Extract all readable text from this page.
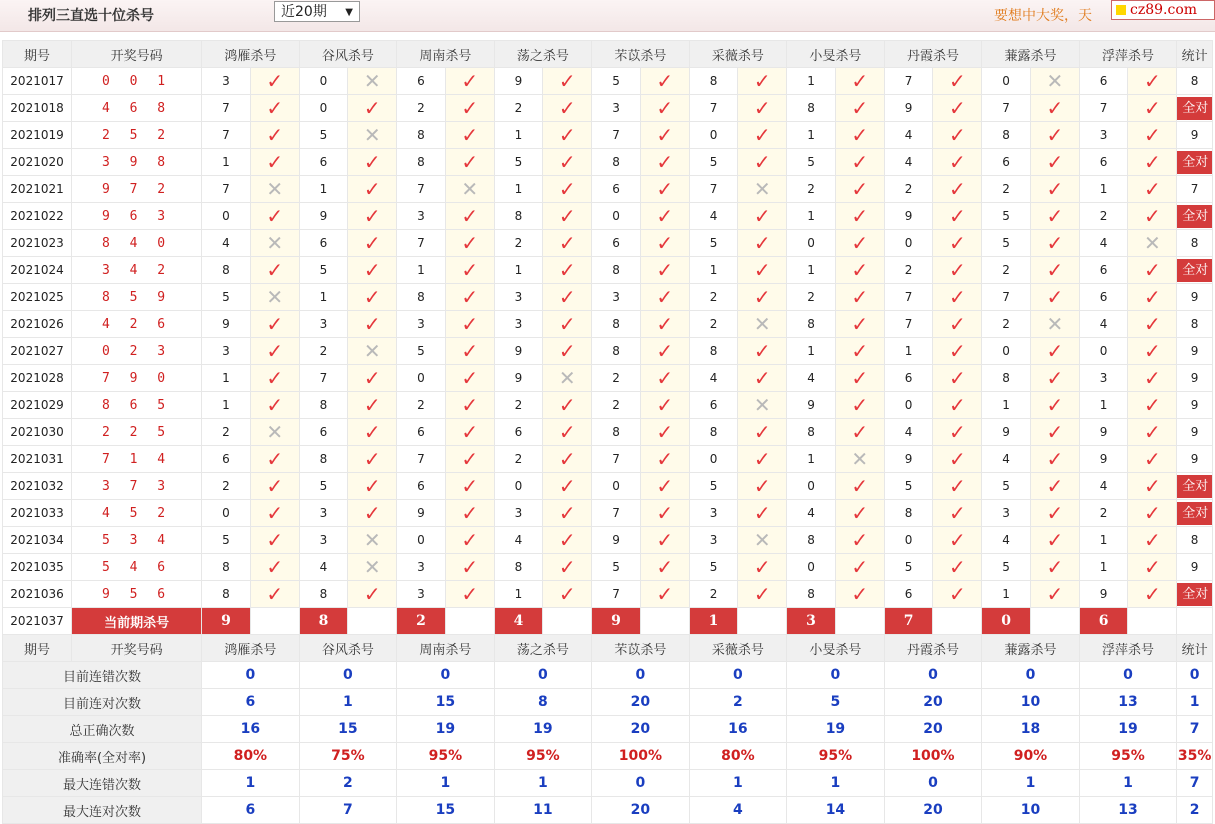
排列三直选十位杀号	近20期 ▼	要想中大奖，天	cz89.com
期号	开奖号码	鸿雁杀号		谷风杀号		周南杀号		荡之杀号		芣苡杀号		采薇杀号		小旻杀号		丹霞杀号		蒹露杀号		浮萍杀号		统计
2021017	0 0 1	3	✓	0	✕	6	✓	9	✓	5	✓	8	✓	1	✓	7	✓	0	✕	6	✓	8
2021018	4 6 8	7	✓	0	✓	2	✓	2	✓	3	✓	7	✓	8	✓	9	✓	7	✓	7	✓	全对
2021019	2 5 2	7	✓	5	✕	8	✓	1	✓	7	✓	0	✓	1	✓	4	✓	8	✓	3	✓	9
2021020	3 9 8	1	✓	6	✓	8	✓	5	✓	8	✓	5	✓	5	✓	4	✓	6	✓	6	✓	全对
2021021	9 7 2	7	✕	1	✓	7	✕	1	✓	6	✓	7	✕	2	✓	2	✓	2	✓	1	✓	7
2021022	9 6 3	0	✓	9	✓	3	✓	8	✓	0	✓	4	✓	1	✓	9	✓	5	✓	2	✓	全对
2021023	8 4 0	4	✕	6	✓	7	✓	2	✓	6	✓	5	✓	0	✓	0	✓	5	✓	4	✕	8
2021024	3 4 2	8	✓	5	✓	1	✓	1	✓	8	✓	1	✓	1	✓	2	✓	2	✓	6	✓	全对
2021025	8 5 9	5	✕	1	✓	8	✓	3	✓	3	✓	2	✓	2	✓	7	✓	7	✓	6	✓	9
2021026	4 2 6	9	✓	3	✓	3	✓	3	✓	8	✓	2	✕	8	✓	7	✓	2	✕	4	✓	8
2021027	0 2 3	3	✓	2	✕	5	✓	9	✓	8	✓	8	✓	1	✓	1	✓	0	✓	0	✓	9
2021028	7 9 0	1	✓	7	✓	0	✓	9	✕	2	✓	4	✓	4	✓	6	✓	8	✓	3	✓	9
2021029	8 6 5	1	✓	8	✓	2	✓	2	✓	2	✓	6	✕	9	✓	0	✓	1	✓	1	✓	9
2021030	2 2 5	2	✕	6	✓	6	✓	6	✓	8	✓	8	✓	8	✓	4	✓	9	✓	9	✓	9
2021031	7 1 4	6	✓	8	✓	7	✓	2	✓	7	✓	0	✓	1	✕	9	✓	4	✓	9	✓	9
2021032	3 7 3	2	✓	5	✓	6	✓	0	✓	0	✓	5	✓	0	✓	5	✓	5	✓	4	✓	全对
2021033	4 5 2	0	✓	3	✓	9	✓	3	✓	7	✓	3	✓	4	✓	8	✓	3	✓	2	✓	全对
2021034	5 3 4	5	✓	3	✕	0	✓	4	✓	9	✓	3	✕	8	✓	0	✓	4	✓	1	✓	8
2021035	5 4 6	8	✓	4	✕	3	✓	8	✓	5	✓	5	✓	0	✓	5	✓	5	✓	1	✓	9
2021036	9 5 6	8	✓	8	✓	3	✓	1	✓	7	✓	2	✓	8	✓	6	✓	1	✓	9	✓	全对
2021037	当前期杀号	9		8		2		4		9		1		3		7		0		6		
期号	开奖号码	鸿雁杀号		谷风杀号		周南杀号		荡之杀号		芣苡杀号		采薇杀号		小旻杀号		丹霞杀号		蒹露杀号		浮萍杀号		统计
目前连错次数		0		0		0		0		0		0		0		0		0		0		0
目前连对次数		6		1		15		8		20		2		5		20		10		13		1
总正确次数		16		15		19		19		20		16		19		20		18		19		7
准确率(全对率)		80%		75%		95%		95%		100%		80%		95%		100%		90%		95%		35%
最大连错次数		1		2		1		1		0		1		1		0		1		1		7
最大连对次数		6		7		15		11		20		4		14		20		10		13		2
